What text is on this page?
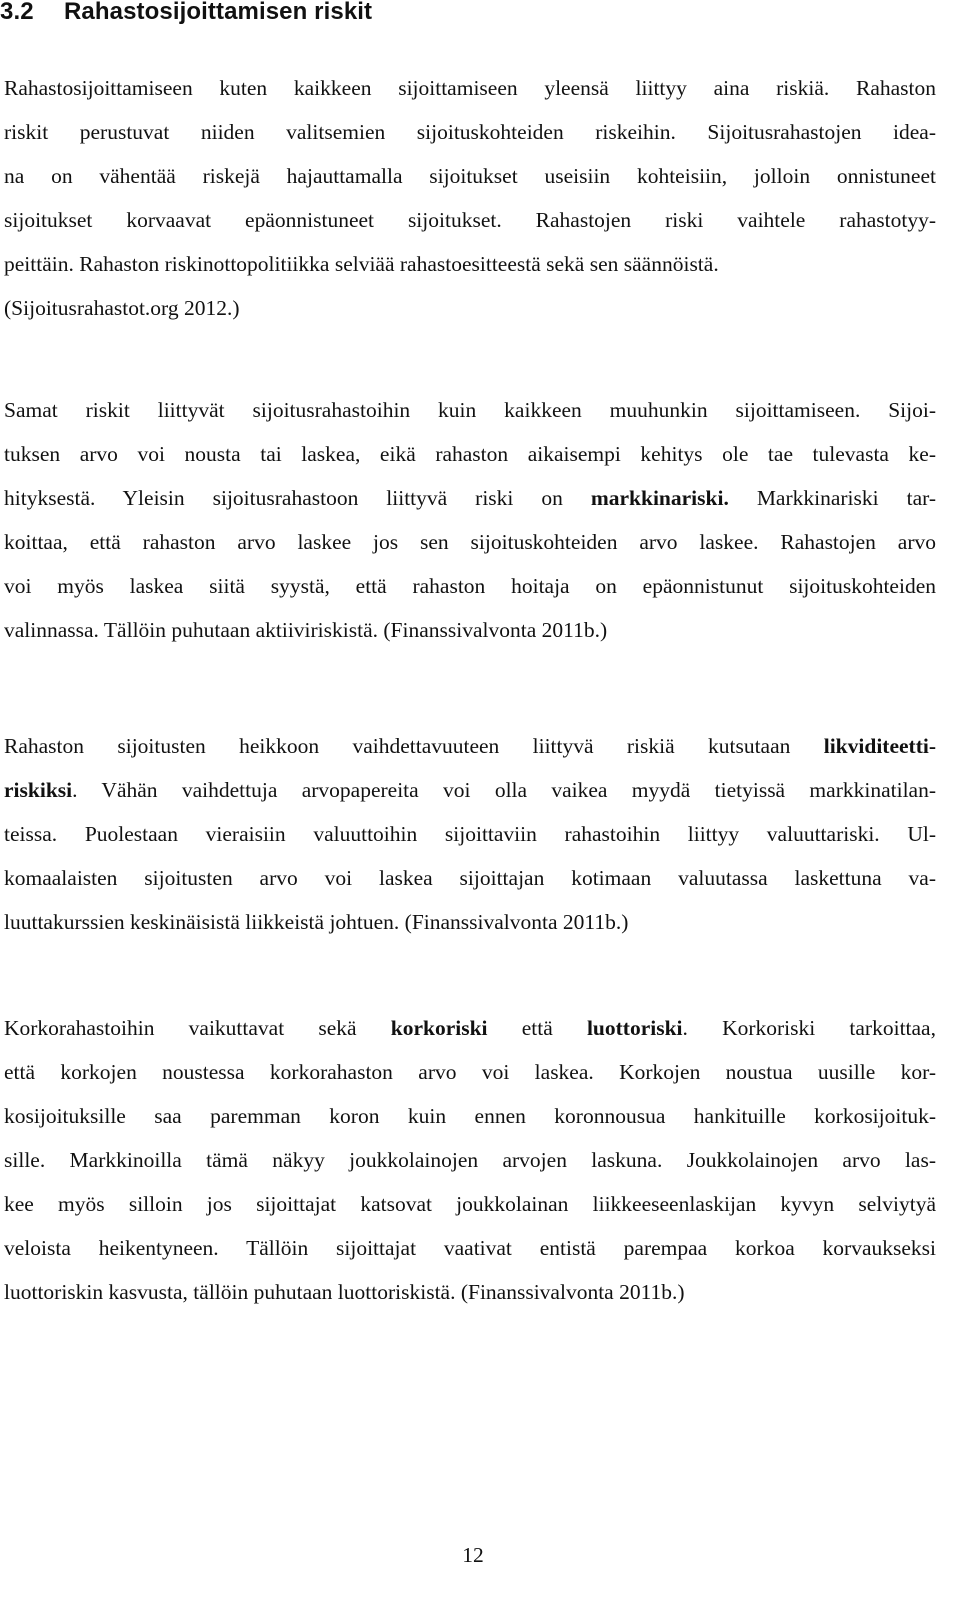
3.2 Rahastosijoittamisen riskit
Rahastosijoittamiseen kuten kaikkeen sijoittamiseen yleensä liittyy aina riskiä. Rahaston
riskit perustuvat niiden valitsemien sijoituskohteiden riskeihin. Sijoitusrahastojen idea-
na on vähentää riskejä hajauttamalla sijoitukset useisiin kohteisiin, jolloin onnistuneet
sijoitukset korvaavat epäonnistuneet sijoitukset. Rahastojen riski vaihtele rahastotyy-
peittäin. Rahaston riskinottopolitiikka selviää rahastoesitteestä sekä sen säännöistä.
(Sijoitusrahastot.org 2012.)
Samat riskit liittyvät sijoitusrahastoihin kuin kaikkeen muuhunkin sijoittamiseen. Sijoi-
tuksen arvo voi nousta tai laskea, eikä rahaston aikaisempi kehitys ole tae tulevasta ke-
hityksestä. Yleisin sijoitusrahastoon liittyvä riski on markkinariski. Markkinariski tar-
koittaa, että rahaston arvo laskee jos sen sijoituskohteiden arvo laskee. Rahastojen arvo
voi myös laskea siitä syystä, että rahaston hoitaja on epäonnistunut sijoituskohteiden
valinnassa. Tällöin puhutaan aktiiviriskistä. (Finanssivalvonta 2011b.)
Rahaston sijoitusten heikkoon vaihdettavuuteen liittyvä riskiä kutsutaan likviditeetti-
riskiksi. Vähän vaihdettuja arvopapereita voi olla vaikea myydä tietyissä markkinatilan-
teissa. Puolestaan vieraisiin valuuttoihin sijoittaviin rahastoihin liittyy valuuttariski. Ul-
komaalaisten sijoitusten arvo voi laskea sijoittajan kotimaan valuutassa laskettuna va-
luuttakurssien keskinäisistä liikkeistä johtuen. (Finanssivalvonta 2011b.)
Korkorahastoihin vaikuttavat sekä korkoriski että luottoriski. Korkoriski tarkoittaa,
että korkojen noustessa korkorahaston arvo voi laskea. Korkojen noustua uusille kor-
kosijoituksille saa paremman koron kuin ennen koronnousua hankituille korkosijoituk-
sille. Markkinoilla tämä näkyy joukkolainojen arvojen laskuna. Joukkolainojen arvo las-
kee myös silloin jos sijoittajat katsovat joukkolainan liikkeeseenlaskijan kyvyn selviytyä
veloista heikentyneen. Tällöin sijoittajat vaativat entistä parempaa korkoa korvaukseksi
luottoriskin kasvusta, tällöin puhutaan luottoriskistä. (Finanssivalvonta 2011b.)
12
